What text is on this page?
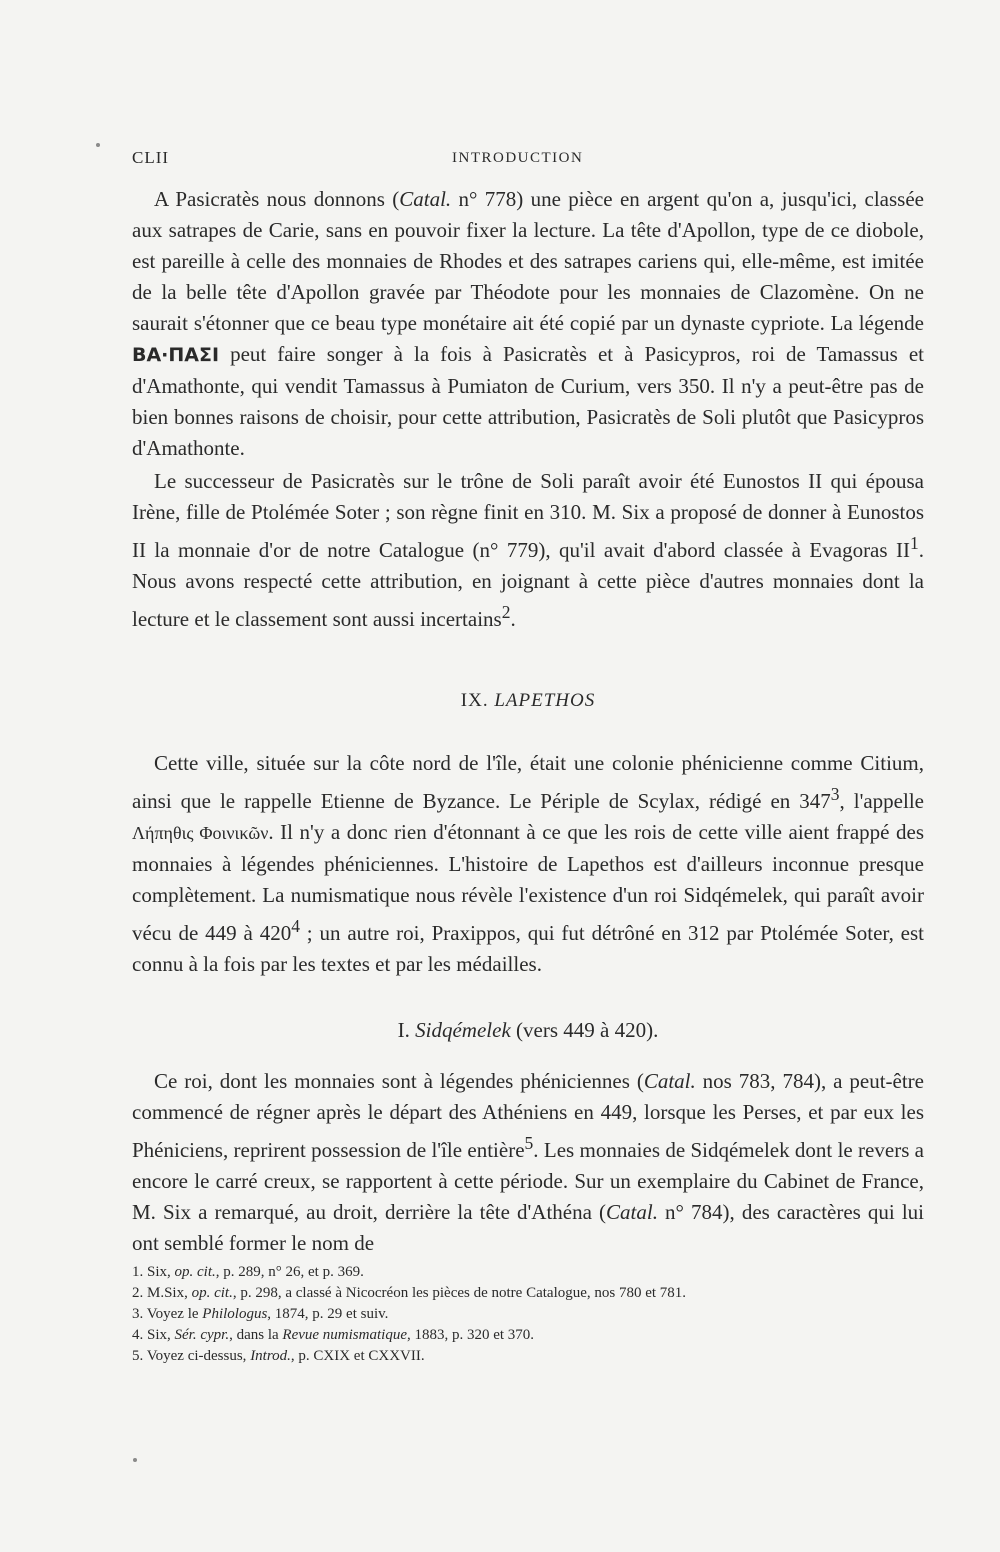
CLII	INTRODUCTION

A Pasicratès nous donnons (Catal. n° 778) une pièce en argent qu'on a, jusqu'ici, classée aux satrapes de Carie, sans en pouvoir fixer la lecture. La tête d'Apollon, type de ce diobole, est pareille à celle des monnaies de Rhodes et des satrapes cariens qui, elle-même, est imitée de la belle tête d'Apollon gravée par Théodote pour les monnaies de Clazomène. On ne saurait s'étonner que ce beau type monétaire ait été copié par un dynaste cypriote. La légende ΒΑ·ΠΑΣΙ peut faire songer à la fois à Pasicratès et à Pasicypros, roi de Tamassus et d'Amathonte, qui vendit Tamassus à Pumiaton de Curium, vers 350. Il n'y a peut-être pas de bien bonnes raisons de choisir, pour cette attribution, Pasicratès de Soli plutôt que Pasicypros d'Amathonte.

Le successeur de Pasicratès sur le trône de Soli paraît avoir été Eunostos II qui épousa Irène, fille de Ptolémée Soter ; son règne finit en 310. M. Six a proposé de donner à Eunostos II la monnaie d'or de notre Catalogue (n° 779), qu'il avait d'abord classée à Evagoras $II^1$. Nous avons respecté cette attribution, en joignant à cette pièce d'autres monnaies dont la lecture et le classement sont aussi incertains$^2$.

IX. LAPETHOS

Cette ville, située sur la côte nord de l'île, était une colonie phénicienne comme Citium, ainsi que le rappelle Etienne de Byzance. Le Périple de Scylax, rédigé en $347^3$, l'appelle Λήπηθις Φοινικῶν. Il n'y a donc rien d'étonnant à ce que les rois de cette ville aient frappé des monnaies à légendes phéniciennes. L'histoire de Lapethos est d'ailleurs inconnue presque complètement. La numismatique nous révèle l'existence d'un roi Sidqémelek, qui paraît avoir vécu de 449 à $420^4$ ; un autre roi, Praxippos, qui fut détrôné en 312 par Ptolémée Soter, est connu à la fois par les textes et par les médailles.

I. Sidqémelek (vers 449 à 420).

Ce roi, dont les monnaies sont à légendes phéniciennes (Catal. nos 783, 784), a peut-être commencé de régner après le départ des Athéniens en 449, lorsque les Perses, et par eux les Phéniciens, reprirent possession de l'île entière$^5$. Les monnaies de Sidqémelek dont le revers a encore le carré creux, se rapportent à cette période. Sur un exemplaire du Cabinet de France, M. Six a remarqué, au droit, derrière la tête d'Athéna (Catal. n° 784), des caractères qui lui ont semblé former le nom de

1. Six, op. cit., p. 289, n° 26, et p. 369.
2. M.Six, op. cit., p. 298, a classé à Nicocréon les pièces de notre Catalogue, nos 780 et 781.
3. Voyez le Philologus, 1874, p. 29 et suiv.
4. Six, Sér. cypr., dans la Revue numismatique, 1883, p. 320 et 370.
5. Voyez ci-dessus, Introd., p. CXIX et CXXVII.
